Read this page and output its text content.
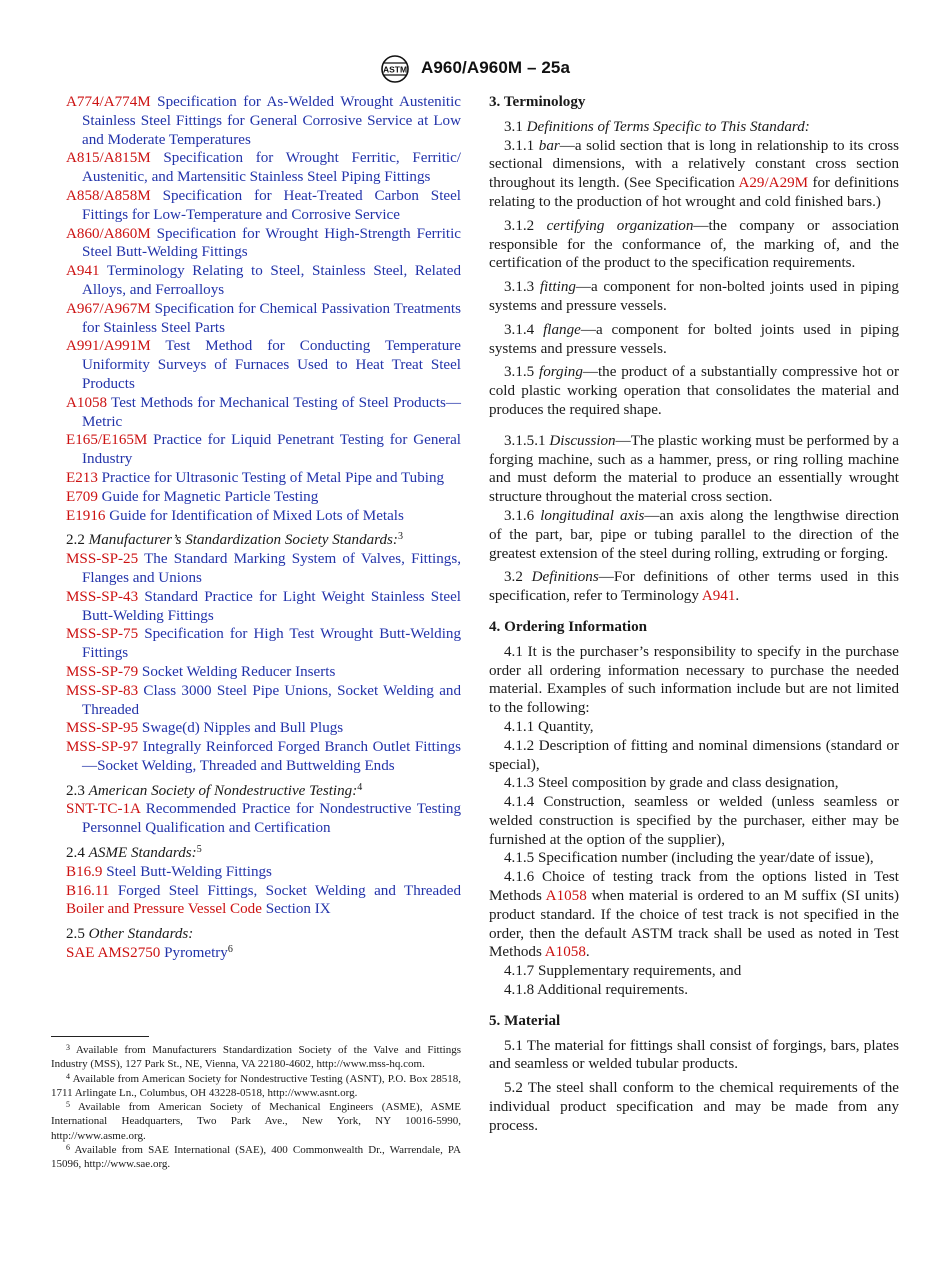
ASTM A960/A960M – 25a

A774/A774M Specification for As-Welded Wrought Austenitic Stainless Steel Fittings for General Corrosive Service at Low and Moderate Temperatures

A815/A815M Specification for Wrought Ferritic, Ferritic/ Austenitic, and Martensitic Stainless Steel Piping Fittings

A858/A858M Specification for Heat-Treated Carbon Steel Fittings for Low-Temperature and Corrosive Service

A860/A860M Specification for Wrought High-Strength Ferritic Steel Butt-Welding Fittings

A941 Terminology Relating to Steel, Stainless Steel, Related Alloys, and Ferroalloys

A967/A967M Specification for Chemical Passivation Treatments for Stainless Steel Parts

A991/A991M Test Method for Conducting Temperature Uniformity Surveys of Furnaces Used to Heat Treat Steel Products

A1058 Test Methods for Mechanical Testing of Steel Products—Metric

E165/E165M Practice for Liquid Penetrant Testing for General Industry

E213 Practice for Ultrasonic Testing of Metal Pipe and Tubing

E709 Guide for Magnetic Particle Testing

E1916 Guide for Identification of Mixed Lots of Metals

2.2 Manufacturer’s Standardization Society Standards:$^3$

MSS-SP-25 The Standard Marking System of Valves, Fittings, Flanges and Unions

MSS-SP-43 Standard Practice for Light Weight Stainless Steel Butt-Welding Fittings

MSS-SP-75 Specification for High Test Wrought Butt-Welding Fittings

MSS-SP-79 Socket Welding Reducer Inserts

MSS-SP-83 Class 3000 Steel Pipe Unions, Socket Welding and Threaded

MSS-SP-95 Swage(d) Nipples and Bull Plugs

MSS-SP-97 Integrally Reinforced Forged Branch Outlet Fittings—Socket Welding, Threaded and Buttwelding Ends

2.3 American Society of Nondestructive Testing:$^4$

SNT-TC-1A Recommended Practice for Nondestructive Testing Personnel Qualification and Certification

2.4 ASME Standards:$^5$

B16.9 Steel Butt-Welding Fittings

B16.11 Forged Steel Fittings, Socket Welding and Threaded Boiler and Pressure Vessel Code Section IX

2.5 Other Standards:

SAE AMS2750 Pyrometry$^6$

$^3$ Available from Manufacturers Standardization Society of the Valve and Fittings Industry (MSS), 127 Park St., NE, Vienna, VA 22180-4602, http://www.mss-hq.com.

$^4$ Available from American Society for Nondestructive Testing (ASNT), P.O. Box 28518, 1711 Arlingate Ln., Columbus, OH 43228-0518, http://www.asnt.org.

$^5$ Available from American Society of Mechanical Engineers (ASME), ASME International Headquarters, Two Park Ave., New York, NY 10016-5990, http://www.asme.org.

$^6$ Available from SAE International (SAE), 400 Commonwealth Dr., Warrendale, PA 15096, http://www.sae.org.

3. Terminology

3.1 Definitions of Terms Specific to This Standard:

3.1.1 bar—a solid section that is long in relationship to its cross sectional dimensions, with a relatively constant cross section throughout its length. (See Specification A29/A29M for definitions relating to the production of hot wrought and cold finished bars.)

3.1.2 certifying organization—the company or association responsible for the conformance of, the marking of, and the certification of the product to the specification requirements.

3.1.3 fitting—a component for non-bolted joints used in piping systems and pressure vessels.

3.1.4 flange—a component for bolted joints used in piping systems and pressure vessels.

3.1.5 forging—the product of a substantially compressive hot or cold plastic working operation that consolidates the material and produces the required shape.

3.1.5.1 Discussion—The plastic working must be performed by a forging machine, such as a hammer, press, or ring rolling machine and must deform the material to produce an essentially wrought structure throughout the material cross section.

3.1.6 longitudinal axis—an axis along the lengthwise direction of the part, bar, pipe or tubing parallel to the direction of the greatest extension of the steel during rolling, extruding or forging.

3.2 Definitions—For definitions of other terms used in this specification, refer to Terminology A941.

4. Ordering Information

4.1 It is the purchaser’s responsibility to specify in the purchase order all ordering information necessary to purchase the needed material. Examples of such information include but are not limited to the following:

4.1.1 Quantity,

4.1.2 Description of fitting and nominal dimensions (standard or special),

4.1.3 Steel composition by grade and class designation,

4.1.4 Construction, seamless or welded (unless seamless or welded construction is specified by the purchaser, either may be furnished at the option of the supplier),

4.1.5 Specification number (including the year/date of issue),

4.1.6 Choice of testing track from the options listed in Test Methods A1058 when material is ordered to an M suffix (SI units) product standard. If the choice of test track is not specified in the order, then the default ASTM track shall be used as noted in Test Methods A1058.

4.1.7 Supplementary requirements, and

4.1.8 Additional requirements.

5. Material

5.1 The material for fittings shall consist of forgings, bars, plates and seamless or welded tubular products.

5.2 The steel shall conform to the chemical requirements of the individual product specification and may be made from any process.
